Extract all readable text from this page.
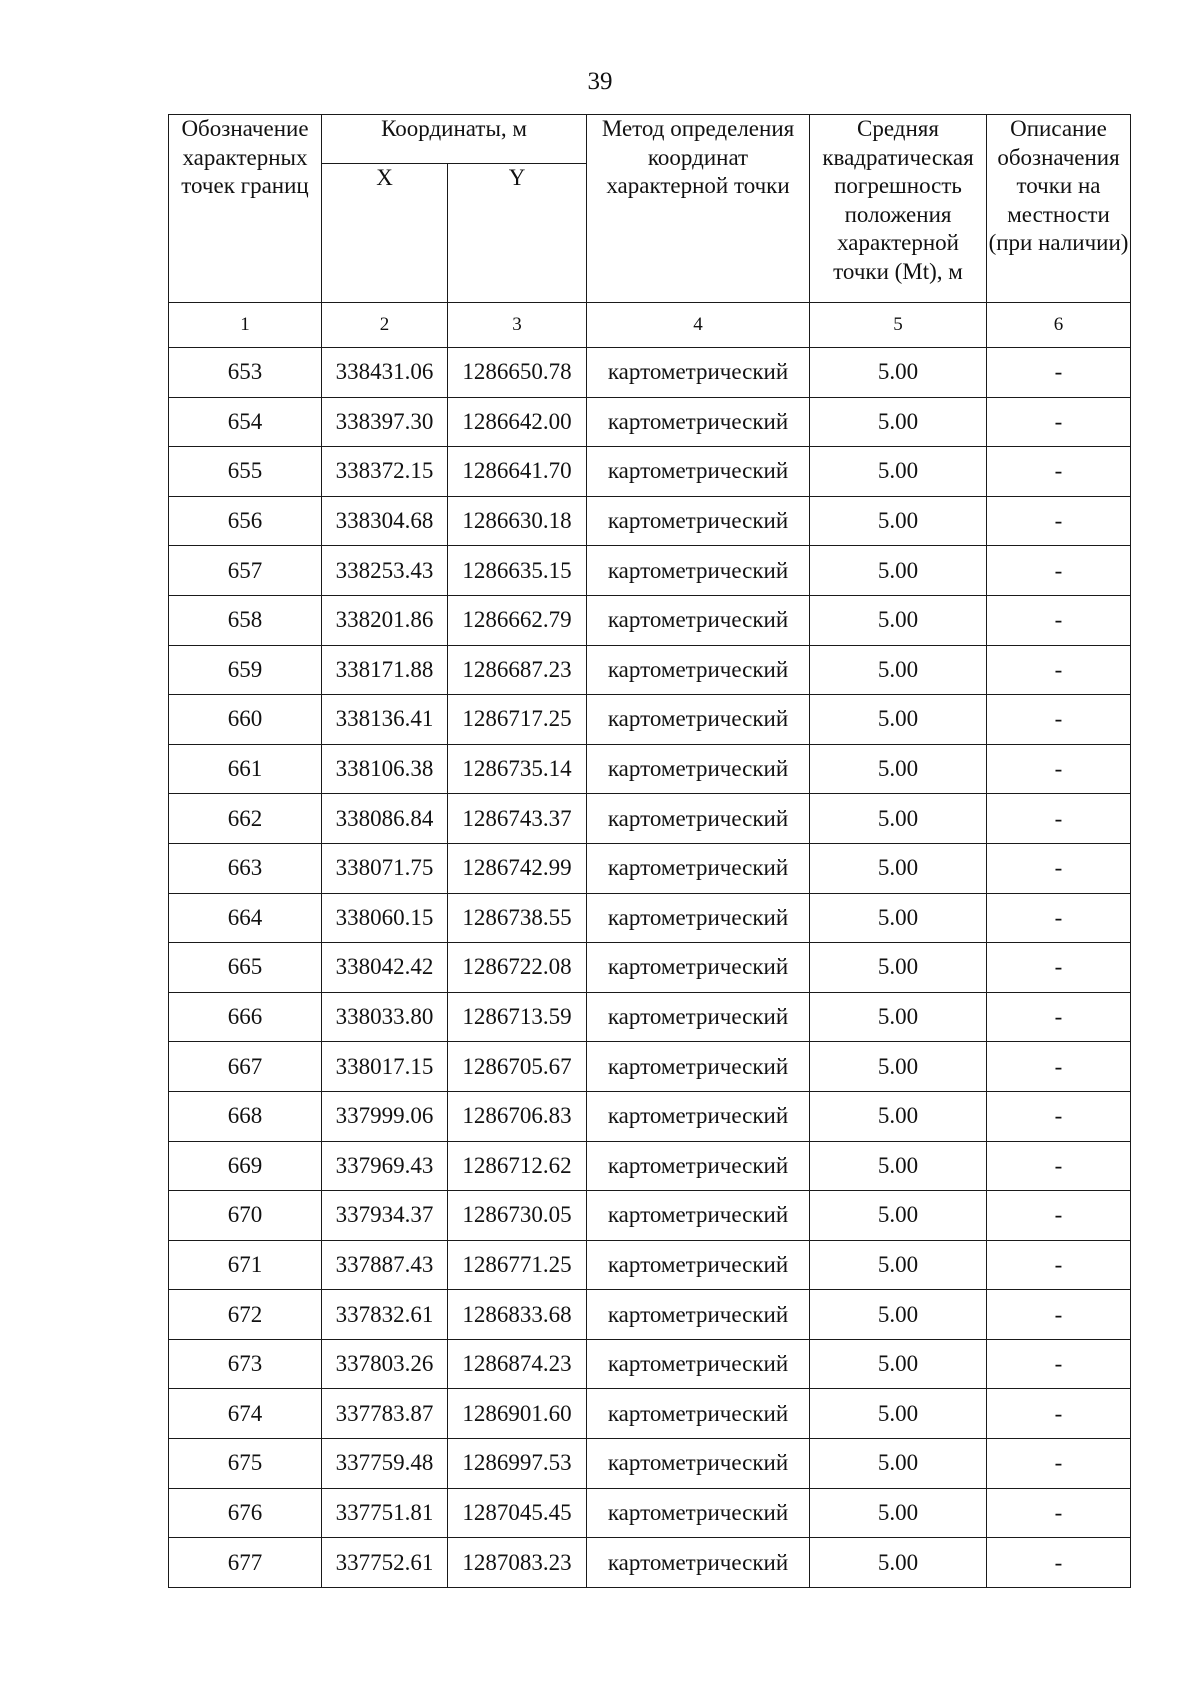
39
Обозначение характерных точек границ	Координаты, м		Метод определения координат характерной точки	Средняя квадратическая погрешность положения характерной точки (Mt), м	Описание обозначения точки на местности (при наличии)
	X	Y			
1	2	3	4	5	6
653	338431.06	1286650.78	картометрический	5.00	-
654	338397.30	1286642.00	картометрический	5.00	-
655	338372.15	1286641.70	картометрический	5.00	-
656	338304.68	1286630.18	картометрический	5.00	-
657	338253.43	1286635.15	картометрический	5.00	-
658	338201.86	1286662.79	картометрический	5.00	-
659	338171.88	1286687.23	картометрический	5.00	-
660	338136.41	1286717.25	картометрический	5.00	-
661	338106.38	1286735.14	картометрический	5.00	-
662	338086.84	1286743.37	картометрический	5.00	-
663	338071.75	1286742.99	картометрический	5.00	-
664	338060.15	1286738.55	картометрический	5.00	-
665	338042.42	1286722.08	картометрический	5.00	-
666	338033.80	1286713.59	картометрический	5.00	-
667	338017.15	1286705.67	картометрический	5.00	-
668	337999.06	1286706.83	картометрический	5.00	-
669	337969.43	1286712.62	картометрический	5.00	-
670	337934.37	1286730.05	картометрический	5.00	-
671	337887.43	1286771.25	картометрический	5.00	-
672	337832.61	1286833.68	картометрический	5.00	-
673	337803.26	1286874.23	картометрический	5.00	-
674	337783.87	1286901.60	картометрический	5.00	-
675	337759.48	1286997.53	картометрический	5.00	-
676	337751.81	1287045.45	картометрический	5.00	-
677	337752.61	1287083.23	картометрический	5.00	-
